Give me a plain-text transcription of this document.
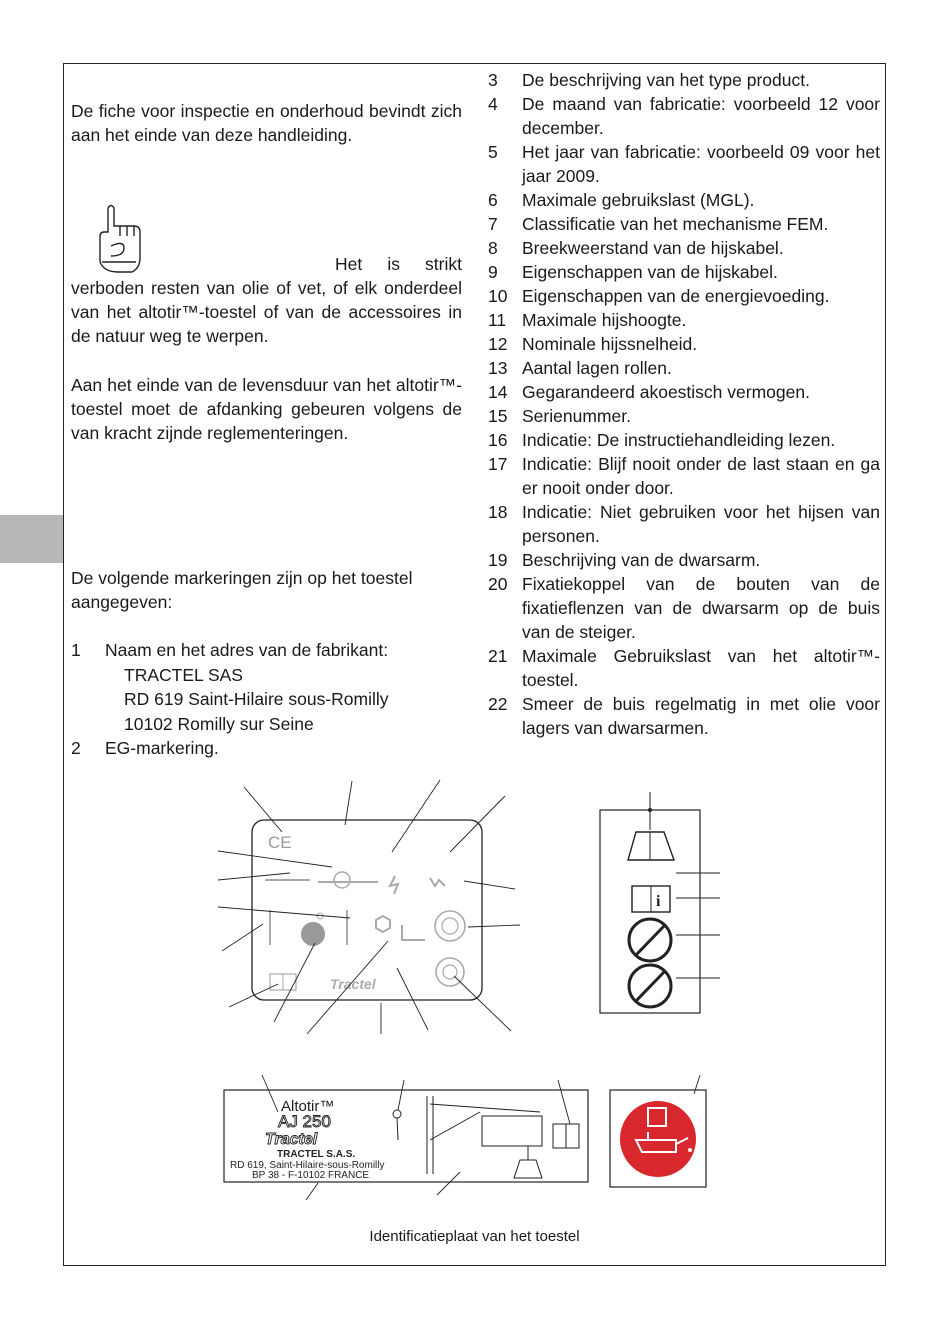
De fiche voor inspectie en onderhoud bevindt zich aan het einde van deze handleiding.

Het is strikt verboden resten van olie of vet, of elk onderdeel van het altotir™-toestel of van de accessoires in de natuur weg te werpen.

Aan het einde van de levensduur van het altotir™-toestel moet de afdanking gebeuren volgens de van kracht zijnde reglementeringen.

De volgende markeringen zijn op het toestel aangegeven:

1	Naam en het adres van de fabrikant:
TRACTEL SAS
RD 619 Saint-Hilaire sous-Romilly
10102 Romilly sur Seine
2	EG-markering.
3	De beschrijving van het type product.
4	De maand van fabricatie: voorbeeld 12 voor december.
5	Het jaar van fabricatie: voorbeeld 09 voor het jaar 2009.
6	Maximale gebruikslast (MGL).
7	Classificatie van het mechanisme FEM.
8	Breekweerstand van de hijskabel.
9	Eigenschappen van de hijskabel.
10 Eigenschappen van de energievoeding.
11 Maximale hijshoogte.
12 Nominale hijssnelheid.
13 Aantal lagen rollen.
14 Gegarandeerd akoestisch vermogen.
15 Serienummer.
16 Indicatie: De instructiehandleiding lezen.
17 Indicatie: Blijf nooit onder de last staan en ga er nooit onder door.
18 Indicatie: Niet gebruiken voor het hijsen van personen.
19 Beschrijving van de dwarsarm.
20 Fixatiekoppel van de bouten van de fixatieflenzen van de dwarsarm op de buis van de steiger.
21 Maximale Gebruikslast van het altotir™-toestel.
22 Smeer de buis regelmatig in met olie voor lagers van dwarsarmen.
CE
Tractel
i
Altotir™
AJ 250
Tractel
TRACTEL S.A.S.
RD 619, Saint-Hilaire-sous-Romilly
BP 38 - F-10102 FRANCE
Identificatieplaat van het toestel
